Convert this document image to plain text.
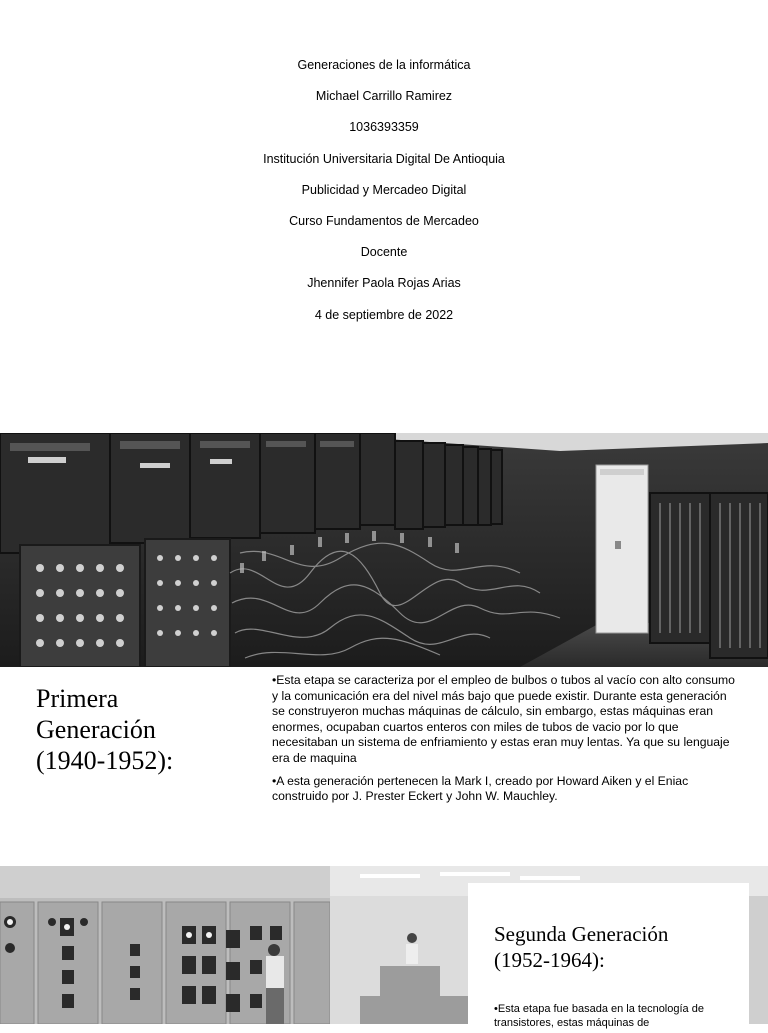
Generaciones de la informática
Michael Carrillo Ramirez
1036393359
Institución Universitaria Digital De Antioquia
Publicidad y Mercadeo Digital
Curso Fundamentos de Mercadeo
Docente
Jhennifer Paola Rojas Arias
4 de septiembre de 2022
Primera
Generación
(1940-1952):

•Esta etapa se caracteriza por el empleo de bulbos o tubos al vacío con alto consumo y la comunicación era del nivel más bajo que puede existir. Durante esta generación se construyeron muchas máquinas de cálculo, sin embargo, estas máquinas eran enormes, ocupaban cuartos enteros con miles de tubos de vacio por lo que necesitaban un sistema de enfriamiento y estas eran muy lentas. Ya que su lenguaje era de maquina

•A esta generación pertenecen la Mark I, creado por Howard Aiken y el Eniac construido por J. Prester Eckert y John W. Mauchley.

Segunda Generación
(1952-1964):
•Esta etapa fue basada en la tecnología de transistores, estas máquinas de
